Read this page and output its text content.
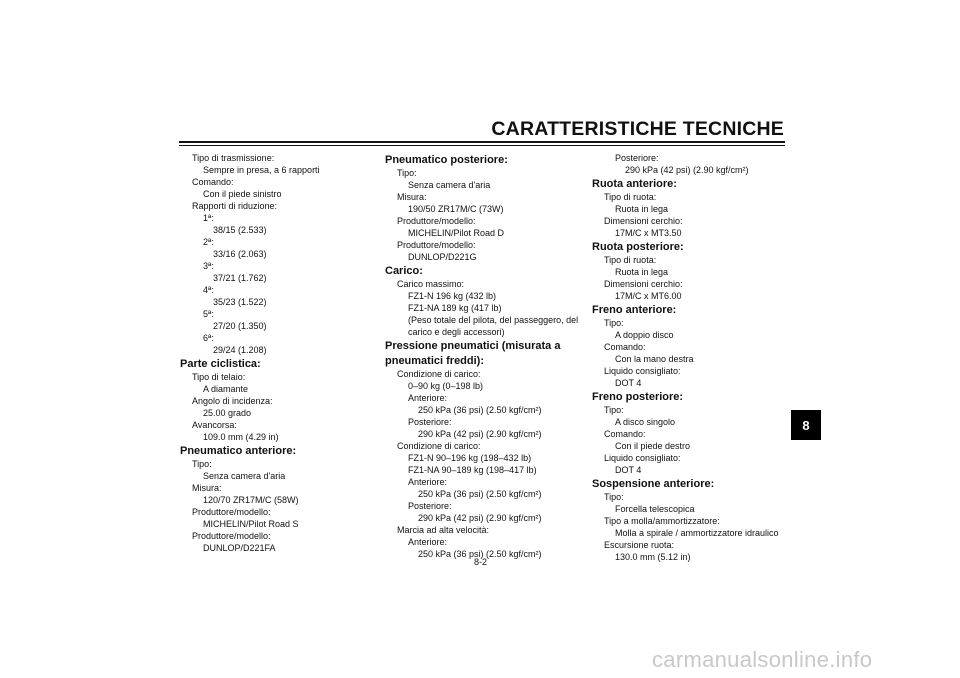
CARATTERISTICHE TECNICHE
Tipo di trasmissione:
Sempre in presa, a 6 rapporti
Comando:
Con il piede sinistro
Rapporti di riduzione:
1ª:
38/15 (2.533)
2ª:
33/16 (2.063)
3ª:
37/21 (1.762)
4ª:
35/23 (1.522)
5ª:
27/20 (1.350)
6ª:
29/24 (1.208)
Parte ciclistica:
Tipo di telaio:
A diamante
Angolo di incidenza:
25.00 grado
Avancorsa:
109.0 mm (4.29 in)
Pneumatico anteriore:
Tipo:
Senza camera d'aria
Misura:
120/70 ZR17M/C (58W)
Produttore/modello:
MICHELIN/Pilot Road S
Produttore/modello:
DUNLOP/D221FA
Pneumatico posteriore:
Tipo:
Senza camera d'aria
Misura:
190/50 ZR17M/C (73W)
Produttore/modello:
MICHELIN/Pilot Road D
Produttore/modello:
DUNLOP/D221G
Carico:
Carico massimo:
FZ1-N 196 kg (432 lb)
FZ1-NA 189 kg (417 lb)
(Peso totale del pilota, del passeggero, del
carico e degli accessori)
Pressione pneumatici (misurata a
pneumatici freddi):
Condizione di carico:
0–90 kg (0–198 lb)
Anteriore:
250 kPa (36 psi) (2.50 kgf/cm²)
Posteriore:
290 kPa (42 psi) (2.90 kgf/cm²)
Condizione di carico:
FZ1-N 90–196 kg (198–432 lb)
FZ1-NA 90–189 kg (198–417 lb)
Anteriore:
250 kPa (36 psi) (2.50 kgf/cm²)
Posteriore:
290 kPa (42 psi) (2.90 kgf/cm²)
Marcia ad alta velocità:
Anteriore:
250 kPa (36 psi) (2.50 kgf/cm²)
Posteriore:
290 kPa (42 psi) (2.90 kgf/cm²)
Ruota anteriore:
Tipo di ruota:
Ruota in lega
Dimensioni cerchio:
17M/C x MT3.50
Ruota posteriore:
Tipo di ruota:
Ruota in lega
Dimensioni cerchio:
17M/C x MT6.00
Freno anteriore:
Tipo:
A doppio disco
Comando:
Con la mano destra
Liquido consigliato:
DOT 4
Freno posteriore:
Tipo:
A disco singolo
Comando:
Con il piede destro
Liquido consigliato:
DOT 4
Sospensione anteriore:
Tipo:
Forcella telescopica
Tipo a molla/ammortizzatore:
Molla a spirale / ammortizzatore idraulico
Escursione ruota:
130.0 mm (5.12 in)
8-2
8
carmanualsonline.info
